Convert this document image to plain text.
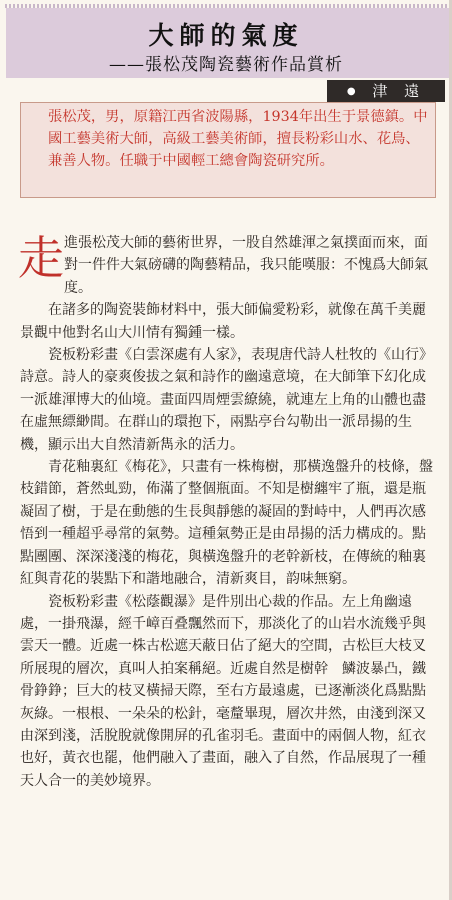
大師的氣度
——張松茂陶瓷藝術作品賞析
● 津 遠
張松茂，男，原籍江西省波陽縣，1934年出生于景德鎮。中國工藝美術大師，高級工藝美術師，擅長粉彩山水、花鳥、兼善人物。任職于中國輕工總會陶瓷研究所。
走 進張松茂大師的藝術世界，一股自然雄渾之氣撲面而來，面對一件件大氣磅礴的陶藝精品，我只能嘆服：不愧爲大師氣度。

在諸多的陶瓷裝飾材料中，張大師偏愛粉彩，就像在萬千美麗景觀中他對名山大川情有獨鍾一樣。

瓷板粉彩畫《白雲深處有人家》，表現唐代詩人杜牧的《山行》詩意。詩人的豪爽俊拔之氣和詩作的幽遠意境，在大師筆下幻化成一派雄渾博大的仙境。畫面四周煙雲繚繞，就連左上角的山體也盡在虛無縹緲間。在群山的環抱下，兩點亭台勾勒出一派昂揚的生機，顯示出大自然清新雋永的活力。

青花釉裏紅《梅花》，只畫有一株梅樹，那橫逸盤升的枝條，盤枝錯節，蒼然虬勁，佈滿了整個瓶面。不知是樹纏牢了瓶，還是瓶凝固了樹，于是在動態的生長與靜態的凝固的對峙中，人們再次感悟到一種超乎尋常的氣勢。這種氣勢正是由昂揚的活力構成的。點點團團、深深淺淺的梅花，與橫逸盤升的老幹新枝，在傳統的釉裏紅與青花的裝點下和諧地融合，清新爽目，韵味無窮。

瓷板粉彩畫《松蔭觀瀑》是件別出心裁的作品。左上角幽遠處，一掛飛瀑，經千嶂百叠飄然而下，那淡化了的山岩水流幾乎與雲天一體。近處一株古松遮天蔽日佔了絕大的空間，古松巨大枝叉所展現的層次，真叫人拍案稱絕。近處自然是樹幹　鱗波暴凸，鐵骨錚錚；巨大的枝叉橫掃天際，至右方最遠處，已逐漸淡化爲點點灰綠。一根根、一朵朵的松針，毫釐畢現，層次井然，由淺到深又由深到淺，活脫脫就像開屏的孔雀羽毛。畫面中的兩個人物，紅衣也好，黃衣也罷，他們融入了畫面，融入了自然，作品展現了一種天人合一的美妙境界。
